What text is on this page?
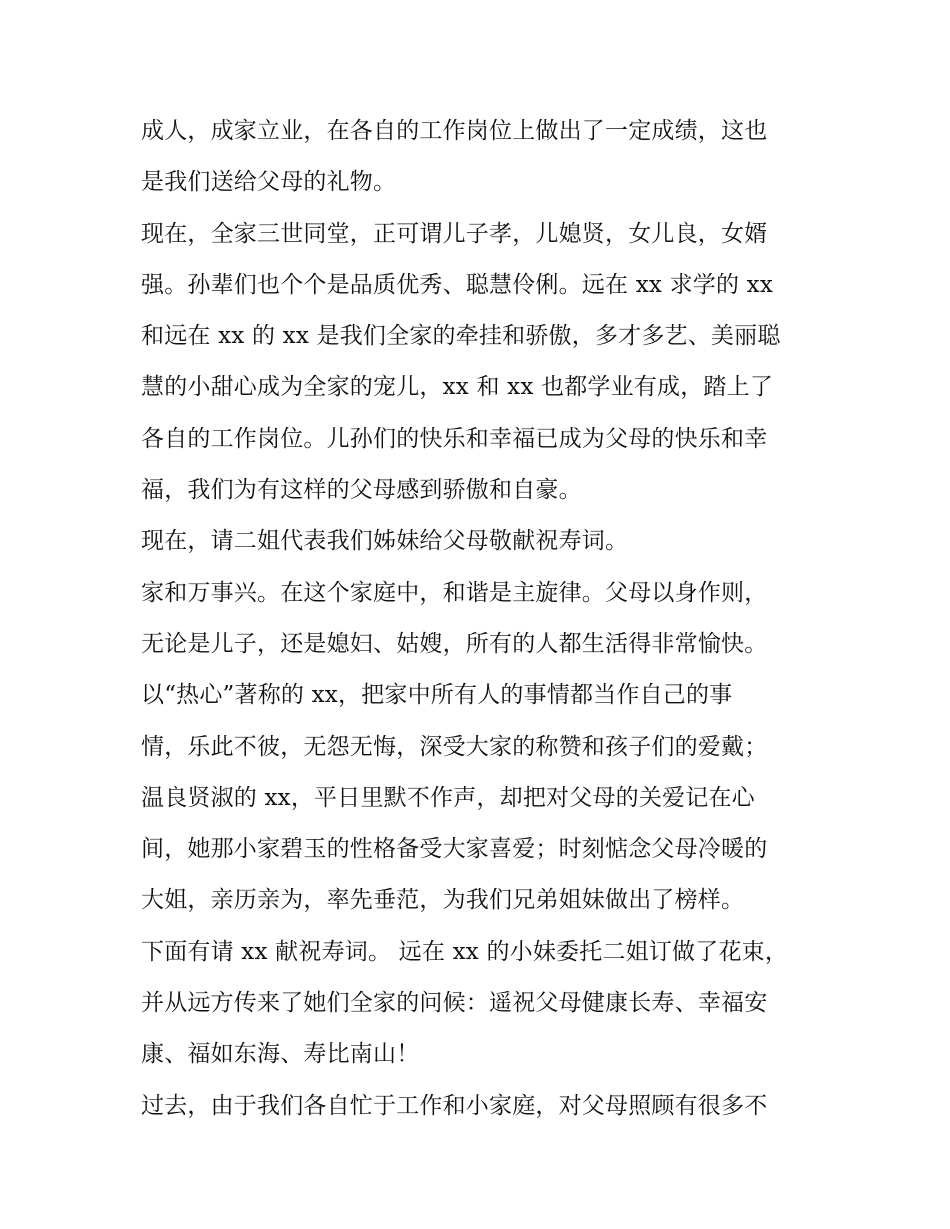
成人，成家立业，在各自的工作岗位上做出了一定成绩，这也
是我们送给父母的礼物。
现在，全家三世同堂，正可谓儿子孝，儿媳贤，女儿良，女婿
强。孙辈们也个个是品质优秀、聪慧伶俐。远在 xx 求学的 xx
和远在 xx 的 xx 是我们全家的牵挂和骄傲，多才多艺、美丽聪
慧的小甜心成为全家的宠儿，xx 和 xx 也都学业有成，踏上了
各自的工作岗位。儿孙们的快乐和幸福已成为父母的快乐和幸
福，我们为有这样的父母感到骄傲和自豪。
现在，请二姐代表我们姊妹给父母敬献祝寿词。
家和万事兴。在这个家庭中，和谐是主旋律。父母以身作则，
无论是儿子，还是媳妇、姑嫂，所有的人都生活得非常愉快。
以“热心”著称的 xx，把家中所有人的事情都当作自己的事
情，乐此不彼，无怨无悔，深受大家的称赞和孩子们的爱戴；
温良贤淑的 xx，平日里默不作声，却把对父母的关爱记在心
间，她那小家碧玉的性格备受大家喜爱；时刻惦念父母冷暖的
大姐，亲历亲为，率先垂范，为我们兄弟姐妹做出了榜样。
下面有请 xx 献祝寿词。 远在 xx 的小妹委托二姐订做了花束，
并从远方传来了她们全家的问候：遥祝父母健康长寿、幸福安
康、福如东海、寿比南山！
过去，由于我们各自忙于工作和小家庭，对父母照顾有很多不
